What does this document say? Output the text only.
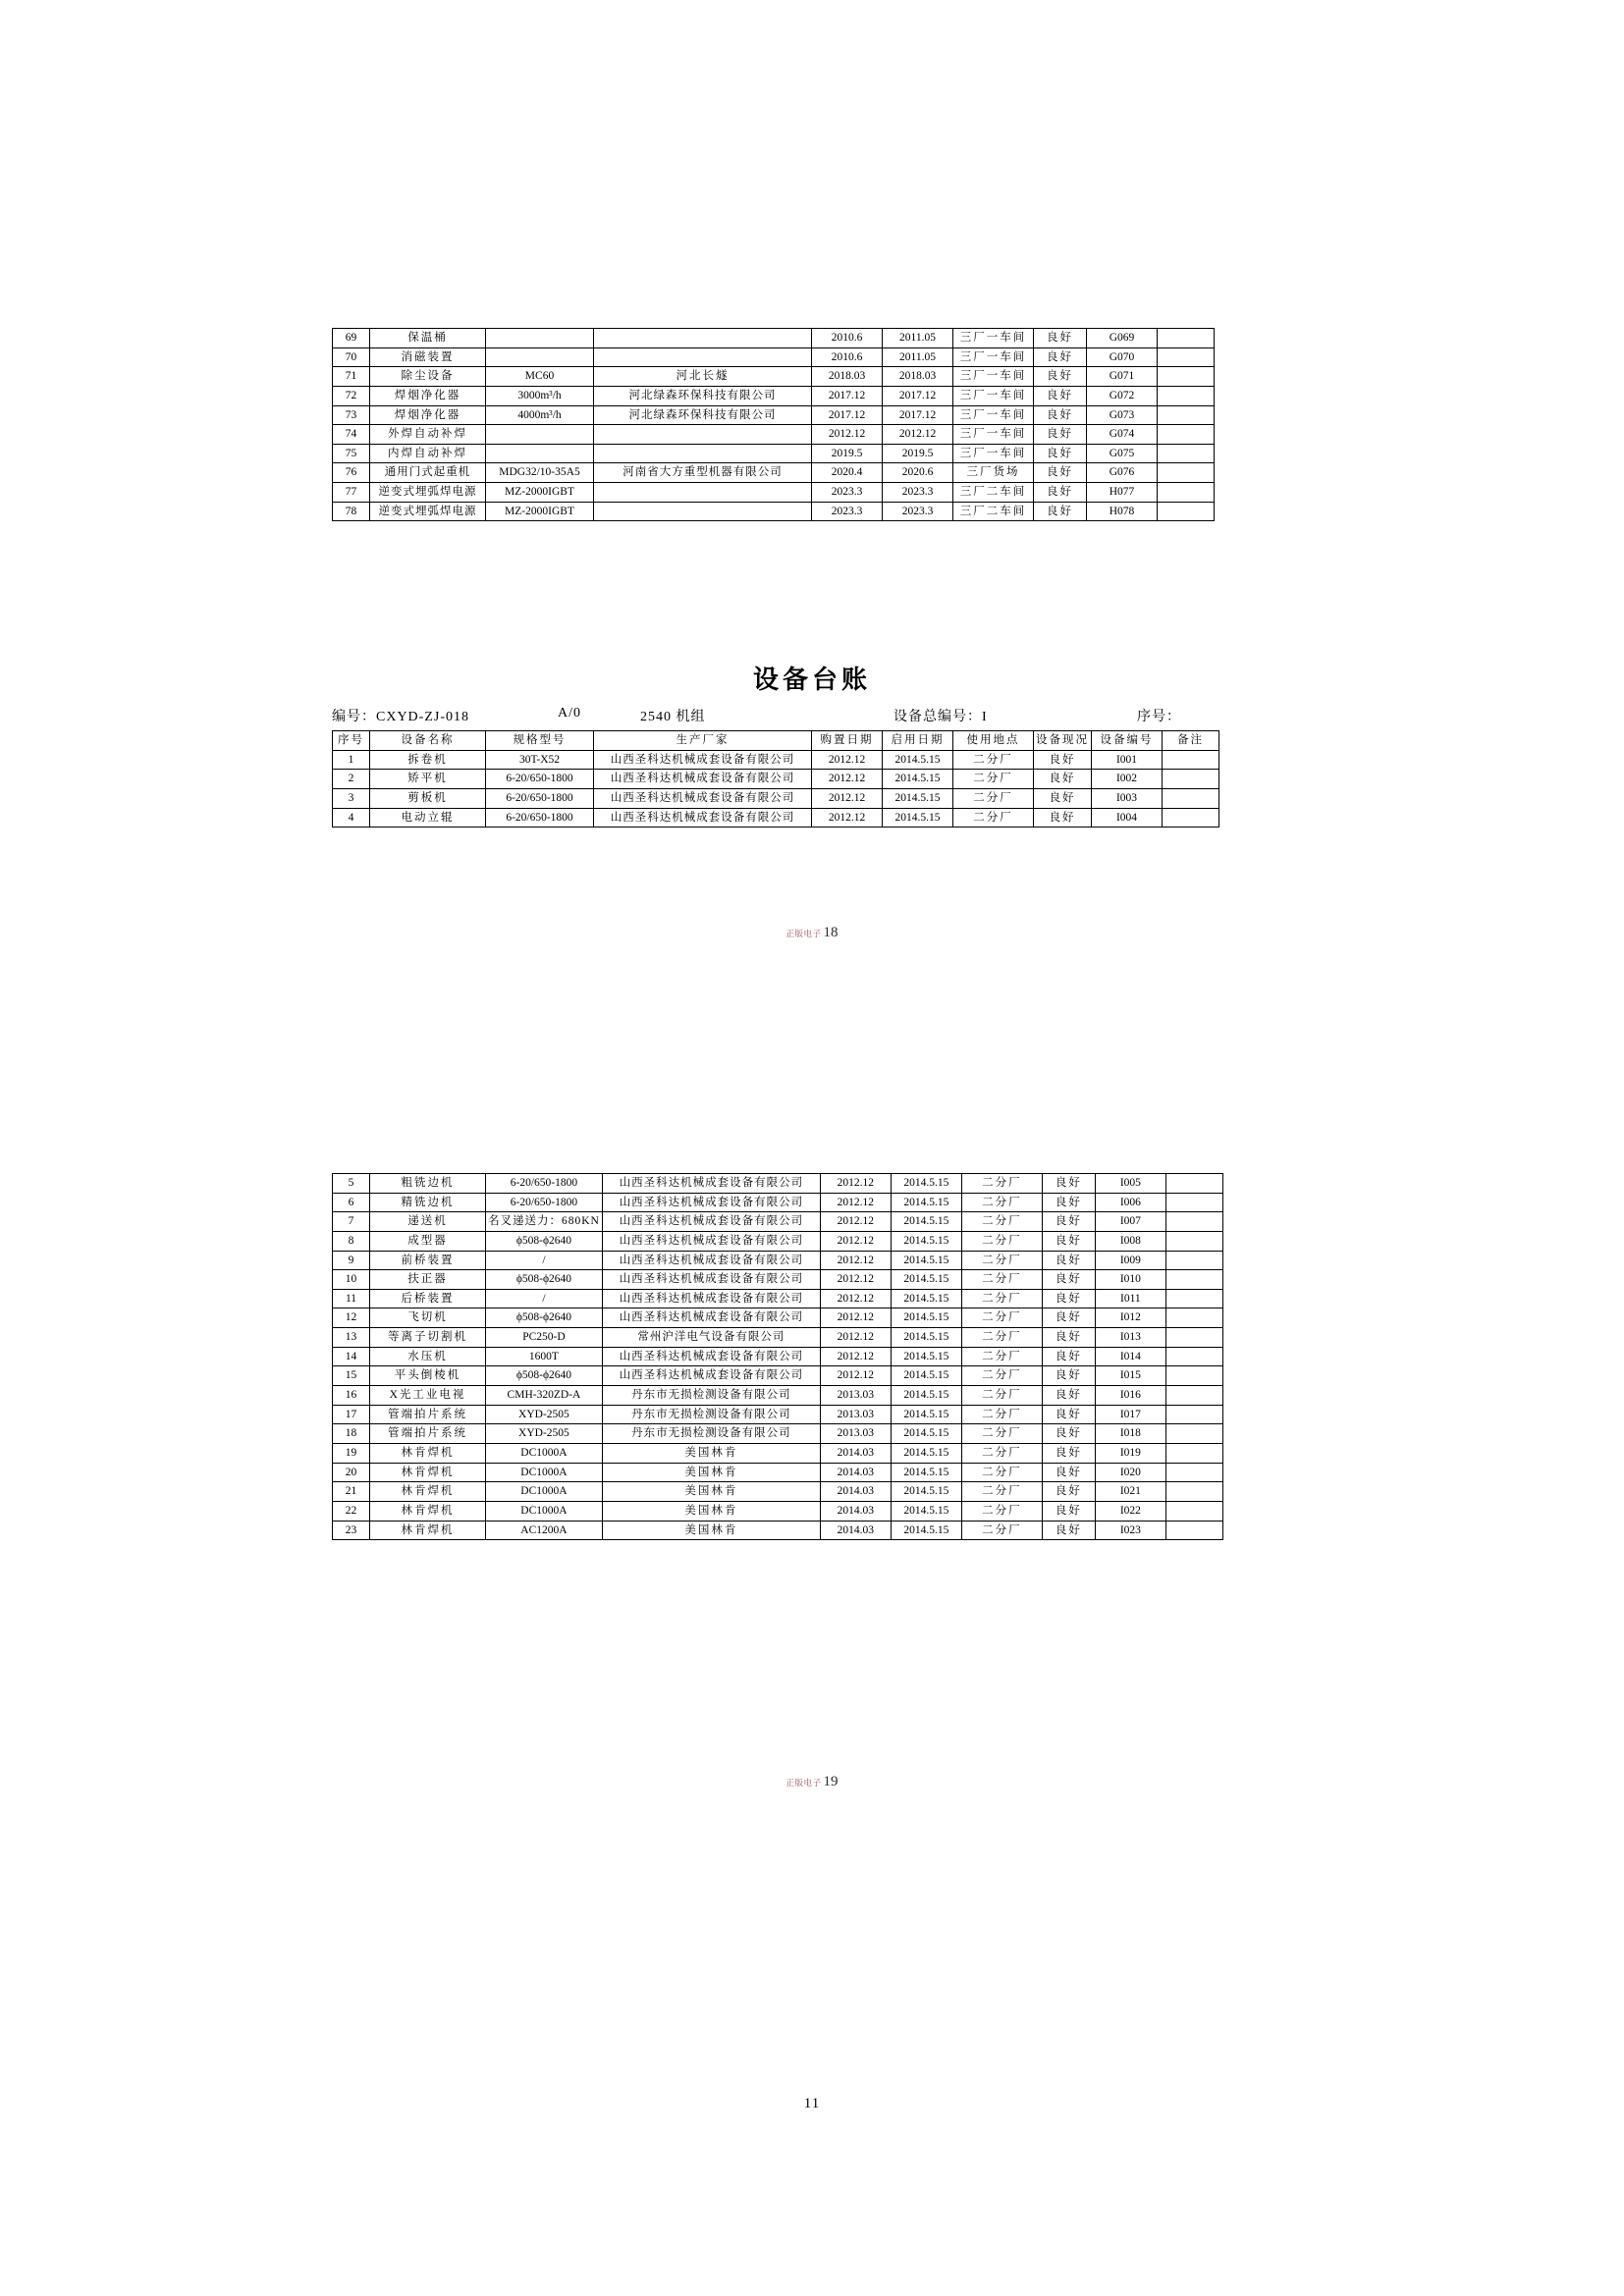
69	保温桶			2010.6	2011.05	三厂一车间	良好	G069	
70	消磁装置			2010.6	2011.05	三厂一车间	良好	G070	
71	除尘设备	MC60	河北长燧	2018.03	2018.03	三厂一车间	良好	G071	
72	焊烟净化器	3000m³/h	河北绿森环保科技有限公司	2017.12	2017.12	三厂一车间	良好	G072	
73	焊烟净化器	4000m³/h	河北绿森环保科技有限公司	2017.12	2017.12	三厂一车间	良好	G073	
74	外焊自动补焊			2012.12	2012.12	三厂一车间	良好	G074	
75	内焊自动补焊			2019.5	2019.5	三厂一车间	良好	G075	
76	通用门式起重机	MDG32/10-35A5	河南省大方重型机器有限公司	2020.4	2020.6	三厂货场	良好	G076	
77	逆变式埋弧焊电源	MZ-2000IGBT		2023.3	2023.3	三厂二车间	良好	H077	
78	逆变式埋弧焊电源	MZ-2000IGBT		2023.3	2023.3	三厂二车间	良好	H078	
设备台账
编号：CXYD-ZJ-018	A/0	2540 机组	设备总编号：I	序号：
序号	设备名称	规格型号	生产厂家	购置日期	启用日期	使用地点	设备现况	设备编号	备注
1	拆卷机	30T-X52	山西圣科达机械成套设备有限公司	2012.12	2014.5.15	二分厂	良好	I001	
2	矫平机	6-20/650-1800	山西圣科达机械成套设备有限公司	2012.12	2014.5.15	二分厂	良好	I002	
3	剪板机	6-20/650-1800	山西圣科达机械成套设备有限公司	2012.12	2014.5.15	二分厂	良好	I003	
4	电动立辊	6-20/650-1800	山西圣科达机械成套设备有限公司	2012.12	2014.5.15	二分厂	良好	I004	
正版电子 18
5	粗铣边机	6-20/650-1800	山西圣科达机械成套设备有限公司	2012.12	2014.5.15	二分厂	良好	I005	
6	精铣边机	6-20/650-1800	山西圣科达机械成套设备有限公司	2012.12	2014.5.15	二分厂	良好	I006	
7	递送机	名叉递送力：680KN	山西圣科达机械成套设备有限公司	2012.12	2014.5.15	二分厂	良好	I007	
8	成型器	ϕ508-ϕ2640	山西圣科达机械成套设备有限公司	2012.12	2014.5.15	二分厂	良好	I008	
9	前桥装置	/	山西圣科达机械成套设备有限公司	2012.12	2014.5.15	二分厂	良好	I009	
10	扶正器	ϕ508-ϕ2640	山西圣科达机械成套设备有限公司	2012.12	2014.5.15	二分厂	良好	I010	
11	后桥装置	/	山西圣科达机械成套设备有限公司	2012.12	2014.5.15	二分厂	良好	I011	
12	飞切机	ϕ508-ϕ2640	山西圣科达机械成套设备有限公司	2012.12	2014.5.15	二分厂	良好	I012	
13	等离子切割机	PC250-D	常州沪洋电气设备有限公司	2012.12	2014.5.15	二分厂	良好	I013	
14	水压机	1600T	山西圣科达机械成套设备有限公司	2012.12	2014.5.15	二分厂	良好	I014	
15	平头倒棱机	ϕ508-ϕ2640	山西圣科达机械成套设备有限公司	2012.12	2014.5.15	二分厂	良好	I015	
16	X光工业电视	CMH-320ZD-A	丹东市无损检测设备有限公司	2013.03	2014.5.15	二分厂	良好	I016	
17	管端拍片系统	XYD-2505	丹东市无损检测设备有限公司	2013.03	2014.5.15	二分厂	良好	I017	
18	管端拍片系统	XYD-2505	丹东市无损检测设备有限公司	2013.03	2014.5.15	二分厂	良好	I018	
19	林肯焊机	DC1000A	美国林肯	2014.03	2014.5.15	二分厂	良好	I019	
20	林肯焊机	DC1000A	美国林肯	2014.03	2014.5.15	二分厂	良好	I020	
21	林肯焊机	DC1000A	美国林肯	2014.03	2014.5.15	二分厂	良好	I021	
22	林肯焊机	DC1000A	美国林肯	2014.03	2014.5.15	二分厂	良好	I022	
23	林肯焊机	AC1200A	美国林肯	2014.03	2014.5.15	二分厂	良好	I023	
正版电子 19
11
